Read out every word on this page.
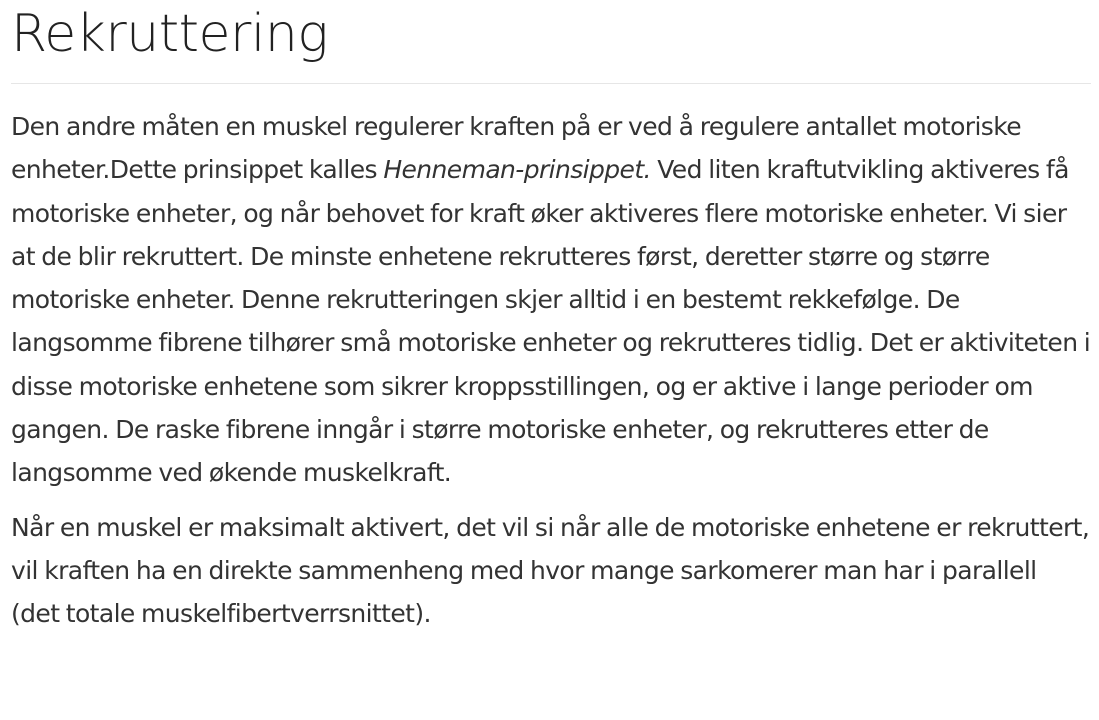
Rekruttering

Den andre måten en muskel regulerer kraften på er ved å regulere antallet motoriske enheter.Dette prinsippet kalles Henneman-prinsippet. Ved liten kraftutvikling aktiveres få motoriske enheter, og når behovet for kraft øker aktiveres flere motoriske enheter. Vi sier at de blir rekruttert. De minste enhetene rekrutteres først, deretter større og større motoriske enheter. Denne rekrutteringen skjer alltid i en bestemt rekkefølge. De langsomme fibrene tilhører små motoriske enheter og rekrutteres tidlig. Det er aktiviteten i disse motoriske enhetene som sikrer kroppsstillingen, og er aktive i lange perioder om gangen. De raske fibrene inngår i større motoriske enheter, og rekrutteres etter de langsomme ved økende muskelkraft.

Når en muskel er maksimalt aktivert, det vil si når alle de motoriske enhetene er rekruttert, vil kraften ha en direkte sammenheng med hvor mange sarkomerer man har i parallell (det totale muskelfibertverrsnittet).
